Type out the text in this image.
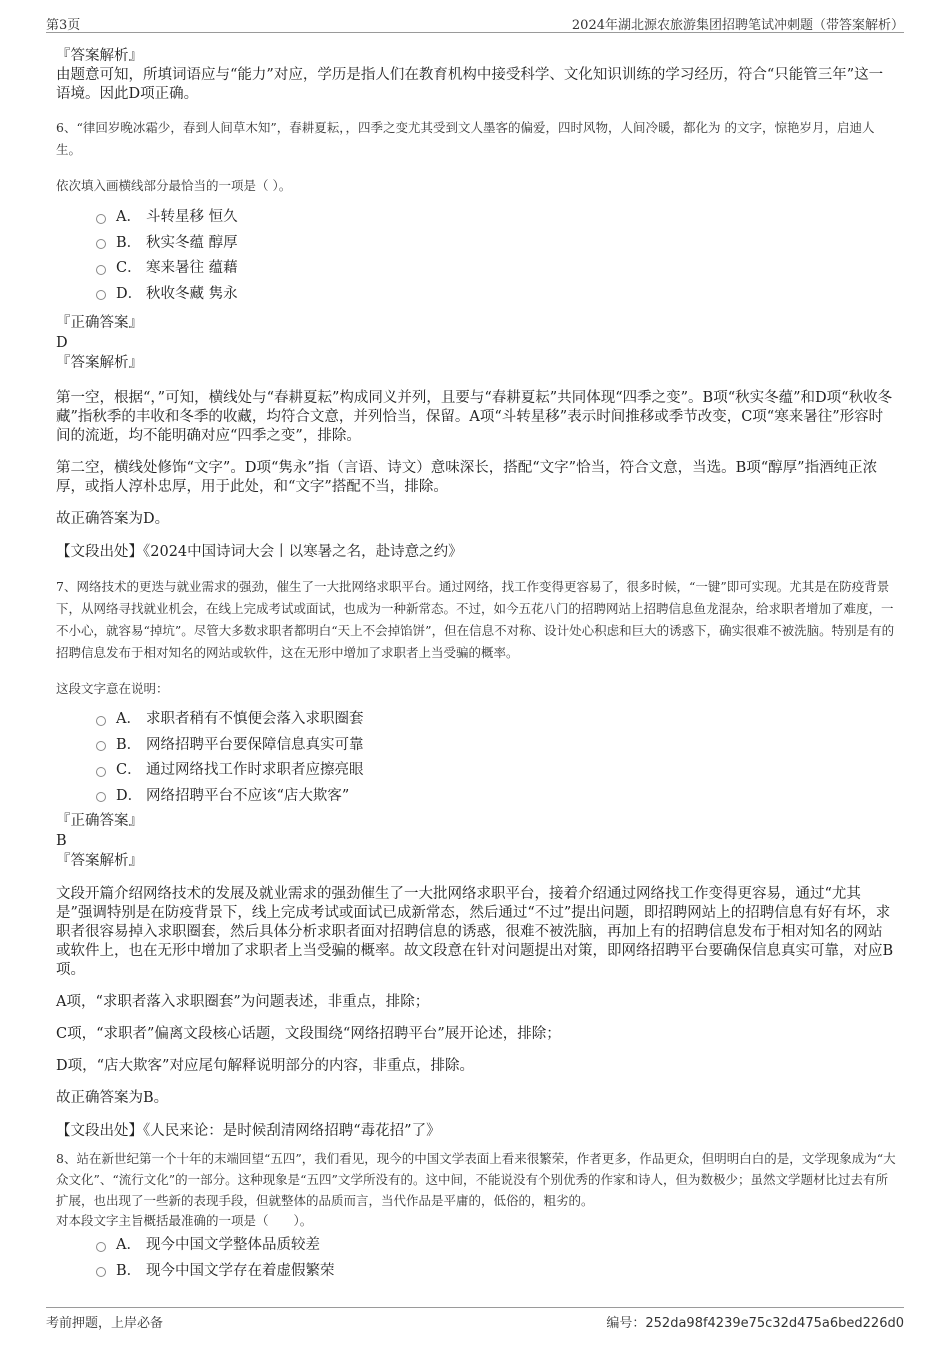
第3页	2024年湖北源农旅游集团招聘笔试冲刺题（带答案解析）
『答案解析』

由题意可知，所填词语应与“能力”对应，学历是指人们在教育机构中接受科学、文化知识训练的学习经历，符合“只能管三年”这一语境。因此D项正确。

6、“律回岁晚冰霜少，春到人间草木知”，春耕夏耘，，四季之变尤其受到文人墨客的偏爱，四时风物，人间冷暖，都化为 的文字，惊艳岁月，启迪人生。

依次填入画横线部分最恰当的一项是（ ）。

A． 斗转星移 恒久
B． 秋实冬蕴 醇厚
C． 寒来暑往 蕴藉
D． 秋收冬藏 隽永
『正确答案』
D
『答案解析』

第一空，根据“，”可知，横线处与“春耕夏耘”构成同义并列，且要与“春耕夏耘”共同体现“四季之变”。B项“秋实冬蕴”和D项“秋收冬藏”指秋季的丰收和冬季的收藏，均符合文意，并列恰当，保留。A项“斗转星移”表示时间推移或季节改变，C项“寒来暑往”形容时间的流逝，均不能明确对应“四季之变”，排除。

第二空，横线处修饰“文字”。D项“隽永”指（言语、诗文）意味深长，搭配“文字”恰当，符合文意，当选。B项“醇厚”指酒纯正浓厚，或指人淳朴忠厚，用于此处，和“文字”搭配不当，排除。

故正确答案为D。

【文段出处】《2024中国诗词大会丨以寒暑之名，赴诗意之约》

7、网络技术的更迭与就业需求的强劲，催生了一大批网络求职平台。通过网络，找工作变得更容易了，很多时候，“一键”即可实现。尤其是在防疫背景下，从网络寻找就业机会，在线上完成考试或面试，也成为一种新常态。不过，如今五花八门的招聘网站上招聘信息鱼龙混杂，给求职者增加了难度，一不小心，就容易“掉坑”。尽管大多数求职者都明白“天上不会掉馅饼”，但在信息不对称、设计处心积虑和巨大的诱惑下，确实很难不被洗脑。特别是有的招聘信息发布于相对知名的网站或软件，这在无形中增加了求职者上当受骗的概率。

这段文字意在说明：

A． 求职者稍有不慎便会落入求职圈套
B． 网络招聘平台要保障信息真实可靠
C． 通过网络找工作时求职者应擦亮眼
D． 网络招聘平台不应该“店大欺客”
『正确答案』
B
『答案解析』

文段开篇介绍网络技术的发展及就业需求的强劲催生了一大批网络求职平台，接着介绍通过网络找工作变得更容易，通过“尤其是”强调特别是在防疫背景下，线上完成考试或面试已成新常态，然后通过“不过”提出问题，即招聘网站上的招聘信息有好有坏，求职者很容易掉入求职圈套，然后具体分析求职者面对招聘信息的诱惑，很难不被洗脑，再加上有的招聘信息发布于相对知名的网站或软件上，也在无形中增加了求职者上当受骗的概率。故文段意在针对问题提出对策，即网络招聘平台要确保信息真实可靠，对应B项。

A项，“求职者落入求职圈套”为问题表述，非重点，排除；

C项，“求职者”偏离文段核心话题，文段围绕“网络招聘平台”展开论述，排除；

D项，“店大欺客”对应尾句解释说明部分的内容，非重点，排除。

故正确答案为B。

【文段出处】《人民来论：是时候刮清网络招聘“毒花招”了》

8、站在新世纪第一个十年的末端回望“五四”，我们看见，现今的中国文学表面上看来很繁荣，作者更多，作品更众，但明明白白的是，文学现象成为“大众文化”、“流行文化”的一部分。这种现象是“五四”文学所没有的。这中间，不能说没有个别优秀的作家和诗人，但为数极少；虽然文学题材比过去有所扩展，也出现了一些新的表现手段，但就整体的品质而言，当代作品是平庸的，低俗的，粗劣的。

对本段文字主旨概括最准确的一项是（　　）。

A． 现今中国文学整体品质较差
B． 现今中国文学存在着虚假繁荣
考前押题，上岸必备	编号：252da98f4239e75c32d475a6bed226d0
